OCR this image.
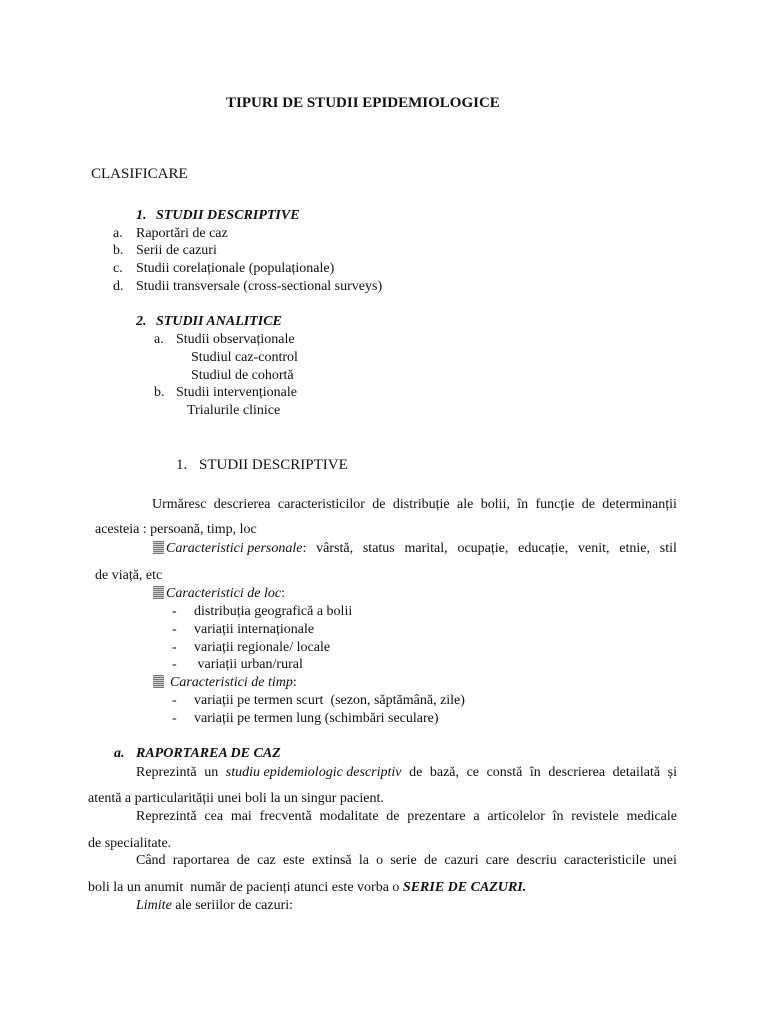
TIPURI DE STUDII EPIDEMIOLOGICE
CLASIFICARE
1. STUDII DESCRIPTIVE
a. Raportări de caz
b. Serii de cazuri
c. Studii corelaționale (populaționale)
d. Studii transversale (cross-sectional surveys)
2. STUDII ANALITICE
a. Studii observaționale
Studiul caz-control
Studiul de cohortă
b. Studii intervenționale
Trialurile clinice
1. STUDII DESCRIPTIVE
Urmăresc descrierea caracteristicilor de distribuție ale bolii, în funcție de determinanții
acesteia : persoană, timp, loc
Caracteristici personale: vârstă, status marital, ocupație, educație, venit, etnie, stil
de viață, etc
Caracteristici de loc:
- distribuția geografică a bolii
- variații internaționale
- variații regionale/ locale
- variații urban/rural
Caracteristici de timp:
- variații pe termen scurt  (sezon, săptămână, zile)
- variații pe termen lung (schimbări seculare)
a. RAPORTAREA DE CAZ
Reprezintă un studiu epidemiologic descriptiv de bază, ce constă în descrierea detailată și
atentă a particularității unei boli la un singur pacient.
Reprezintă cea mai frecventă modalitate de prezentare a articolelor în revistele medicale
de specialitate.
Când raportarea de caz este extinsă la o serie de cazuri care descriu caracteristicile unei
boli la un anumit  număr de pacienți atunci este vorba o SERIE DE CAZURI.
Limite ale seriilor de cazuri:
